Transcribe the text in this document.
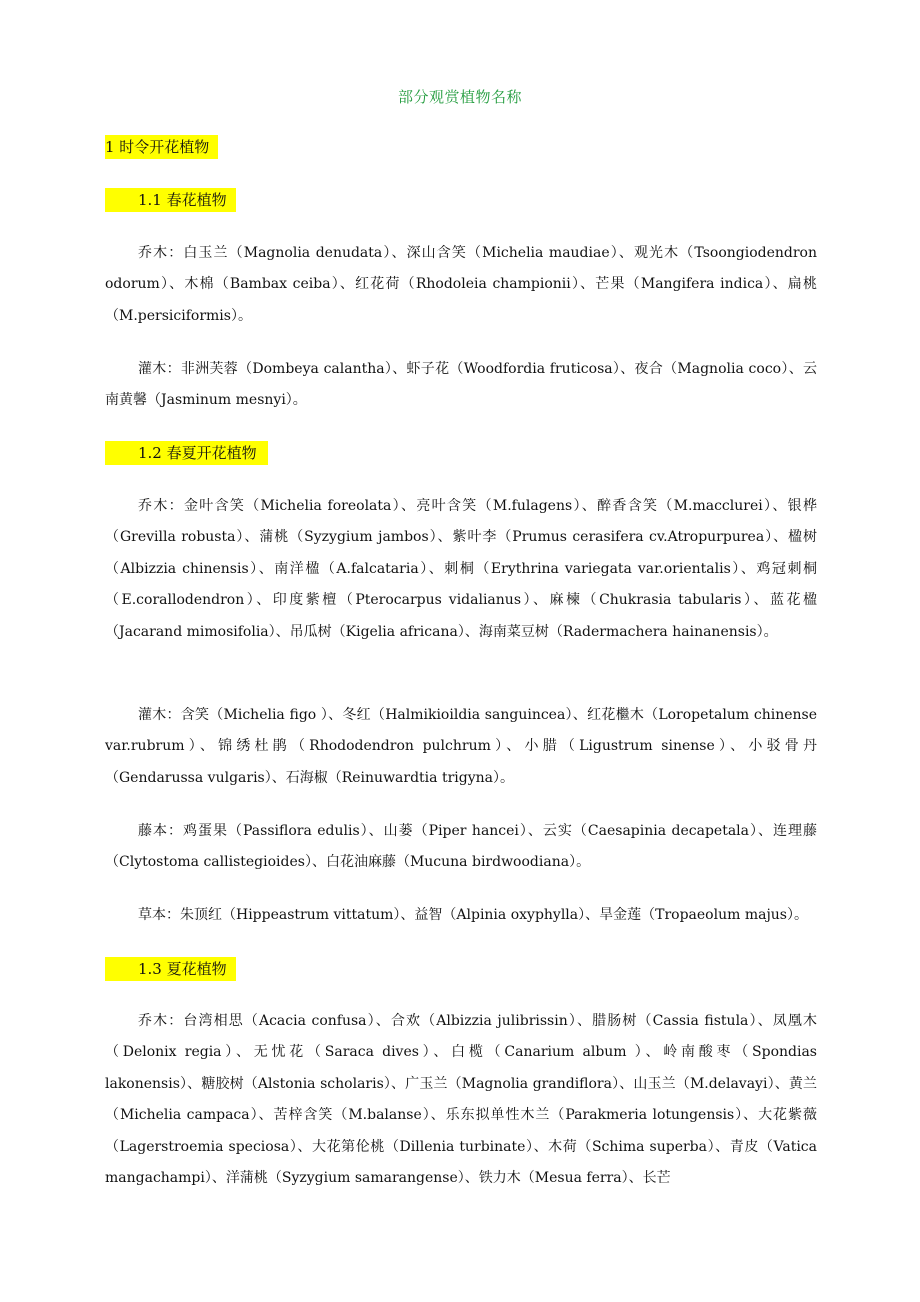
部分观赏植物名称
1 时令开花植物
1.1 春花植物

乔木：白玉兰（Magnolia denudata）、深山含笑（Michelia maudiae）、观光木（Tsoongiodendron odorum）、木棉（Bambax ceiba）、红花荷（Rhodoleia championii）、芒果（Mangifera indica）、扁桃（M.persiciformis）。

灌木：非洲芙蓉（Dombeya calantha）、虾子花（Woodfordia fruticosa）、夜合（Magnolia coco）、云南黄馨（Jasminum mesnyi）。

1.2 春夏开花植物

乔木：金叶含笑（Michelia foreolata）、亮叶含笑（M.fulagens）、醉香含笑（M.macclurei）、银桦（Grevilla robusta）、蒲桃（Syzygium jambos）、紫叶李（Prumus cerasifera cv.Atropurpurea）、楹树（Albizzia chinensis）、南洋楹（A.falcataria）、刺桐（Erythrina variegata var.orientalis）、鸡冠刺桐（E.corallodendron）、印度紫檀（Pterocarpus vidalianus）、麻楝（Chukrasia tabularis）、蓝花楹（Jacarand mimosifolia）、吊瓜树（Kigelia africana）、海南菜豆树（Radermachera hainanensis）。

灌木：含笑（Michelia figo ）、冬红（Halmikioildia sanguincea）、红花檵木（Loropetalum chinense var.rubrum）、锦绣杜鹃（Rhododendron pulchrum）、小腊（Ligustrum sinense）、小驳骨丹（Gendarussa vulgaris）、石海椒（Reinuwardtia trigyna）。

藤本：鸡蛋果（Passiflora edulis）、山蒌（Piper hancei）、云实（Caesapinia decapetala）、连理藤（Clytostoma callistegioides）、白花油麻藤（Mucuna birdwoodiana）。

草本：朱顶红（Hippeastrum vittatum）、益智（Alpinia oxyphylla）、旱金莲（Tropaeolum majus）。

1.3 夏花植物

乔木：台湾相思（Acacia confusa）、合欢（Albizzia julibrissin）、腊肠树（Cassia fistula）、凤凰木（Delonix regia）、无忧花（Saraca dives）、白榄（Canarium album ）、岭南酸枣（Spondias lakonensis）、糖胶树（Alstonia scholaris）、广玉兰（Magnolia grandiflora）、山玉兰（M.delavayi）、黄兰（Michelia campaca）、苦梓含笑（M.balanse）、乐东拟单性木兰（Parakmeria lotungensis）、大花紫薇（Lagerstroemia speciosa）、大花第伦桃（Dillenia turbinate）、木荷（Schima superba）、青皮（Vatica mangachampi）、洋蒲桃（Syzygium samarangense）、铁力木（Mesua ferra）、长芒
